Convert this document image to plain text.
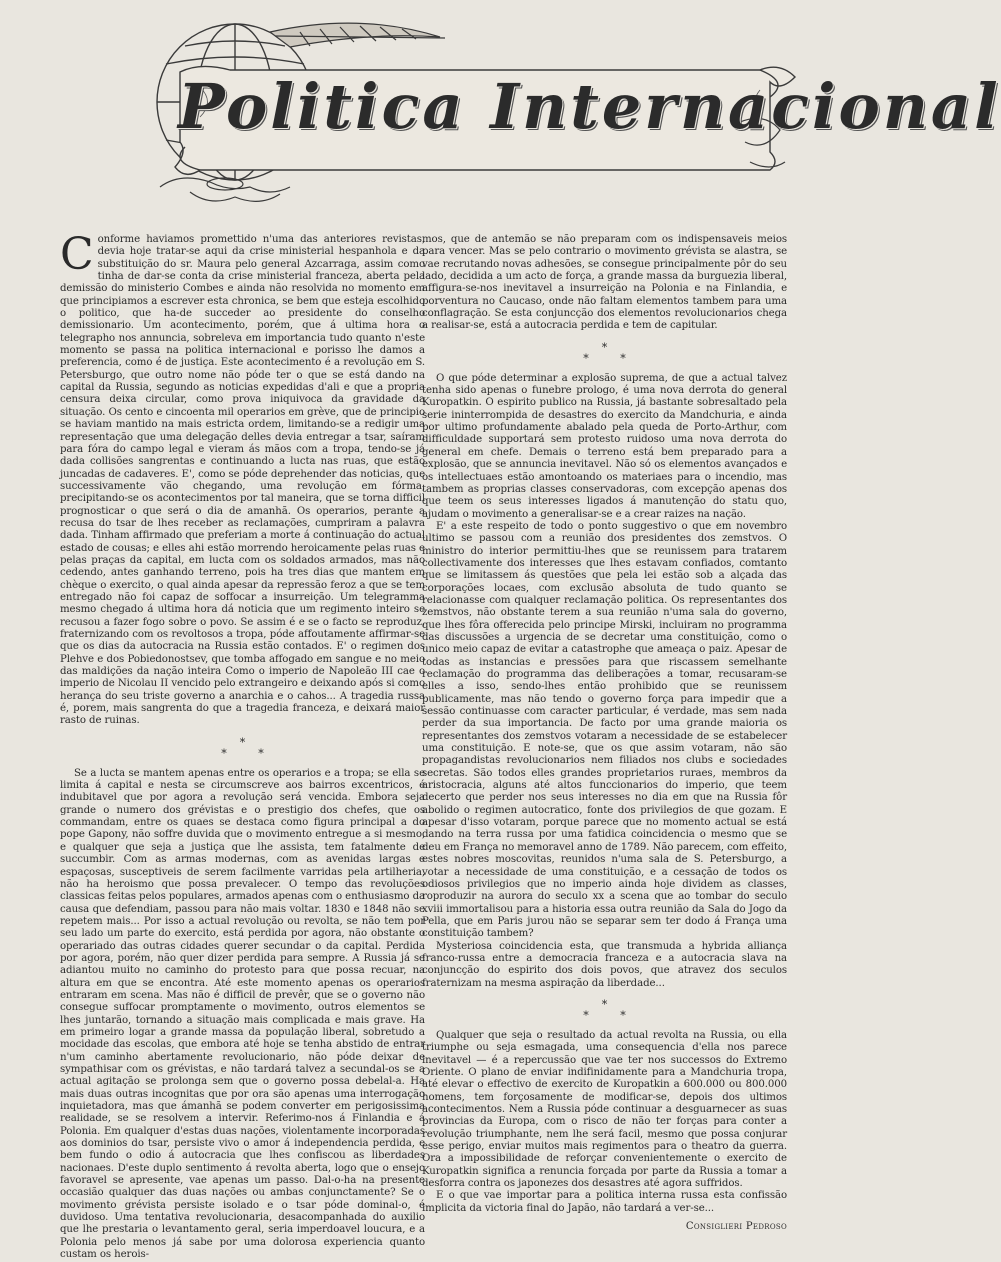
Politica Internacional

Conforme haviamos promettido n'uma das anteriores revistas, devia hoje tratar-se aqui da crise ministerial hespanhola e da substituição do sr. Maura pelo general Azcarraga, assim como tinha de dar-se conta da crise ministerial franceza, aberta pela demissão do ministerio Combes e ainda não resolvida no momento em que principiamos a escrever esta chronica, se bem que esteja escolhido o politico, que ha-de succeder ao presidente do conselho demissionario. Um acontecimento, porém, que á ultima hora o telegrapho nos annuncia, sobreleva em importancia tudo quanto n'este momento se passa na politica internacional e porisso lhe damos a preferencia, como é de justiça. Este acontecimento é a revolução em S. Petersburgo, que outro nome não póde ter o que se está dando na capital da Russia, segundo as noticias expedidas d'ali e que a propria censura deixa circular, como prova iniquivoca da gravidade da situação. Os cento e cincoenta mil operarios em grève, que de principio se haviam mantido na mais estricta ordem, limitando-se a redigir uma representação que uma delegação delles devia entregar a tsar, saíram para fóra do campo legal e vieram ás mãos com a tropa, tendo-se já dada collisões sangrentas e continuando a lucta nas ruas, que estão juncadas de cadaveres. E', como se póde deprehender das noticias, que successivamente vão chegando, uma revolução em fórma, precipitando-se os acontecimentos por tal maneira, que se torna difficil prognosticar o que será o dia de amanhã. Os operarios, perante a recusa do tsar de lhes receber as reclamações, cumpriram a palavra dada. Tinham affirmado que preferiam a morte á continuação do actual estado de cousas; e elles ahi estão morrendo heroicamente pelas ruas e pelas praças da capital, em lucta com os soldados armados, mas não cedendo, antes ganhando terreno, pois ha tres dias que mantem em chèque o exercito, o qual ainda apesar da repressão feroz a que se tem entregado não foi capaz de soffocar a insurreição. Um telegramma mesmo chegado á ultima hora dá noticia que um regimento inteiro se recusou a fazer fogo sobre o povo. Se assim é e se o facto se reproduz, fraternizando com os revoltosos a tropa, póde affoutamente affirmar-se que os dias da autocracia na Russia estão contados. E' o regimen dos Plehve e dos Pobiedonostsev, que tomba affogado em sangue e no meio das maldições da nação inteira Como o imperio de Napoleão III cae o imperio de Nicolau II vencido pelo extrangeiro e deixando após si como herança do seu triste governo a anarchia e o cahos... A tragedia russa é, porem, mais sangrenta do que a tragedia franceza, e deixará maior rasto de ruinas.

*
* *

Se a lucta se mantem apenas entre os operarios e a tropa; se ella se limita á capital e nesta se circumscreve aos bairros excentricos, é indubitavel que por agora a revolução será vencida. Embora seja grande o numero dos grévistas e o prestigio dos chefes, que os commandam, entre os quaes se destaca como figura principal a do pope Gapony, não soffre duvida que o movimento entregue a si mesmo, e qualquer que seja a justiça que lhe assista, tem fatalmente de succumbir. Com as armas modernas, com as avenidas largas e espaçosas, susceptiveis de serem facilmente varridas pela artilheria, não ha heroismo que possa prevalecer. O tempo das revoluções classicas feitas pelos populares, armados apenas com o enthusiasmo da causa que defendiam, passou para não mais voltar. 1830 e 1848 não se repetem mais... Por isso a actual revolução ou revolta, se não tem por seu lado um parte do exercito, está perdida por agora, não obstante o operariado das outras cidades querer secundar o da capital. Perdida por agora, porém, não quer dizer perdida para sempre. A Russia já se adiantou muito no caminho do protesto para que possa recuar, na altura em que se encontra. Até este momento apenas os operarios entraram em scena. Mas não é difficil de prevêr, que se o governo não consegue suffocar promptamente o movimento, outros elementos se lhes juntarão, tornando a situação mais complicada e mais grave. Ha em primeiro logar a grande massa da população liberal, sobretudo a mocidade das escolas, que embora até hoje se tenha abstido de entrar n'um caminho abertamente revolucionario, não póde deixar de sympathisar com os grévistas, e não tardará talvez a secundal-os se a actual agitação se prolonga sem que o governo possa debelal-a. Ha mais duas outras incognitas que por ora são apenas uma interrogação inquietadora, mas que ámanhã se podem converter em perigosissima realidade, se se resolvem a intervir. Referimo-nos á Finlandia e á Polonia. Em qualquer d'estas duas nações, violentamente incorporadas aos dominios do tsar, persiste vivo o amor á independencia perdida, e bem fundo o odio á autocracia que lhes confiscou as liberdades nacionaes. D'este duplo sentimento á revolta aberta, logo que o ensejo favoravel se apresente, vae apenas um passo. Dal-o-ha na presente occasião qualquer das duas nações ou ambas conjunctamente? Se o movimento grévista persiste isolado e o tsar póde dominal-o, é duvidoso. Uma tentativa revolucionaria, desacompanhada do auxilio que lhe prestaria o levantamento geral, seria imperdoavel loucura, e a Polonia pelo menos já sabe por uma dolorosa experiencia quanto custam os herois-

mos, que de antemão se não preparam com os indispensaveis meios para vencer. Mas se pelo contrario o movimento grévista se alastra, se vae recrutando novas adhesões, se consegue principalmente pôr do seu lado, decidida a um acto de força, a grande massa da burguezia liberal, affigura-se-nos inevitavel a insurreição na Polonia e na Finlandia, e porventura no Caucaso, onde não faltam elementos tambem para uma conflagração. Se esta conjuncção dos elementos revolucionarios chega a realisar-se, está a autocracia perdida e tem de capitular.

*
* *

O que póde determinar a explosão suprema, de que a actual talvez tenha sido apenas o funebre prologo, é uma nova derrota do general Kuropatkin. O espirito publico na Russia, já bastante sobresaltado pela serie ininterrompida de desastres do exercito da Mandchuria, e ainda por ultimo profundamente abalado pela queda de Porto-Arthur, com difficuldade supportará sem protesto ruidoso uma nova derrota do general em chefe. Demais o terreno está bem preparado para a explosão, que se annuncia inevitavel. Não só os elementos avançados e os intellectuaes estão amontoando os materiaes para o incendio, mas tambem as proprias classes conservadoras, com excepção apenas dos que teem os seus interesses ligados á manutenção do statu quo, ajudam o movimento a generalisar-se e a crear raizes na nação.

E' a este respeito de todo o ponto suggestivo o que em novembro ultimo se passou com a reunião dos presidentes dos zemstvos. O ministro do interior permittiu-lhes que se reunissem para tratarem collectivamente dos interesses que lhes estavam confiados, comtanto que se limitassem ás questões que pela lei estão sob a alçada das corporações locaes, com exclusão absoluta de tudo quanto se relacionasse com qualquer reclamação politica. Os representantes dos zemstvos, não obstante terem a sua reunião n'uma sala do governo, que lhes fôra offerecida pelo principe Mirski, incluiram no programma das discussões a urgencia de se decretar uma constituição, como o unico meio capaz de evitar a catastrophe que ameaça o paiz. Apesar de todas as instancias e pressões para que riscassem semelhante reclamação do programma das deliberações a tomar, recusaram-se elles a isso, sendo-lhes então prohibido que se reunissem publicamente, mas não tendo o governo força para impedir que a sessão continuasse com caracter particular, é verdade, mas sem nada perder da sua importancia. De facto por uma grande maioria os representantes dos zemstvos votaram a necessidade de se estabelecer uma constituição. E note-se, que os que assim votaram, não são propagandistas revolucionarios nem filiados nos clubs e sociedades secretas. São todos elles grandes proprietarios ruraes, membros da aristocracia, alguns até altos funccionarios do imperio, que teem decerto que perder nos seus interesses no dia em que na Russia fôr abolido o regimen autocratico, fonte dos privilegios de que gozam. E apesar d'isso votaram, porque parece que no momento actual se está dando na terra russa por uma fatidica coincidencia o mesmo que se deu em França no memoravel anno de 1789. Não parecem, com effeito, estes nobres moscovitas, reunidos n'uma sala de S. Petersburgo, a votar a necessidade de uma constituição, e a cessação de todos os odiosos privilegios que no imperio ainda hoje dividem as classes, roproduzir na aurora do seculo xx a scena que ao tombar do seculo xviii immortalisou para a historia essa outra reunião da Sala do Jogo da Pella, que em Paris jurou não se separar sem ter dodo á França uma constituição tambem?

Mysteriosa coincidencia esta, que transmuda a hybrida alliança franco-russa entre a democracia franceza e a autocracia slava na conjuncção do espirito dos dois povos, que atravez dos seculos fraternizam na mesma aspiração da liberdade...

*
* *

Qualquer que seja o resultado da actual revolta na Russia, ou ella triumphe ou seja esmagada, uma consequencia d'ella nos parece inevitavel — é a repercussão que vae ter nos successos do Extremo Oriente. O plano de enviar indifinidamente para a Mandchuria tropa, até elevar o effectivo de exercito de Kuropatkin a 600.000 ou 800.000 homens, tem forçosamente de modificar-se, depois dos ultimos acontecimentos. Nem a Russia póde continuar a desguarnecer as suas provincias da Europa, com o risco de não ter forças para conter a revolução triumphante, nem lhe será facil, mesmo que possa conjurar esse perigo, enviar muitos mais regimentos para o theatro da guerra. Ora a impossibilidade de reforçar convenientemente o exercito de Kuropatkin significa a renuncia forçada por parte da Russia a tomar a desforra contra os japonezes dos desastres até agora suffridos.

E o que vae importar para a politica interna russa esta confissão implicita da victoria final do Japão, não tardará a ver-se...

Consiglieri Pedroso
